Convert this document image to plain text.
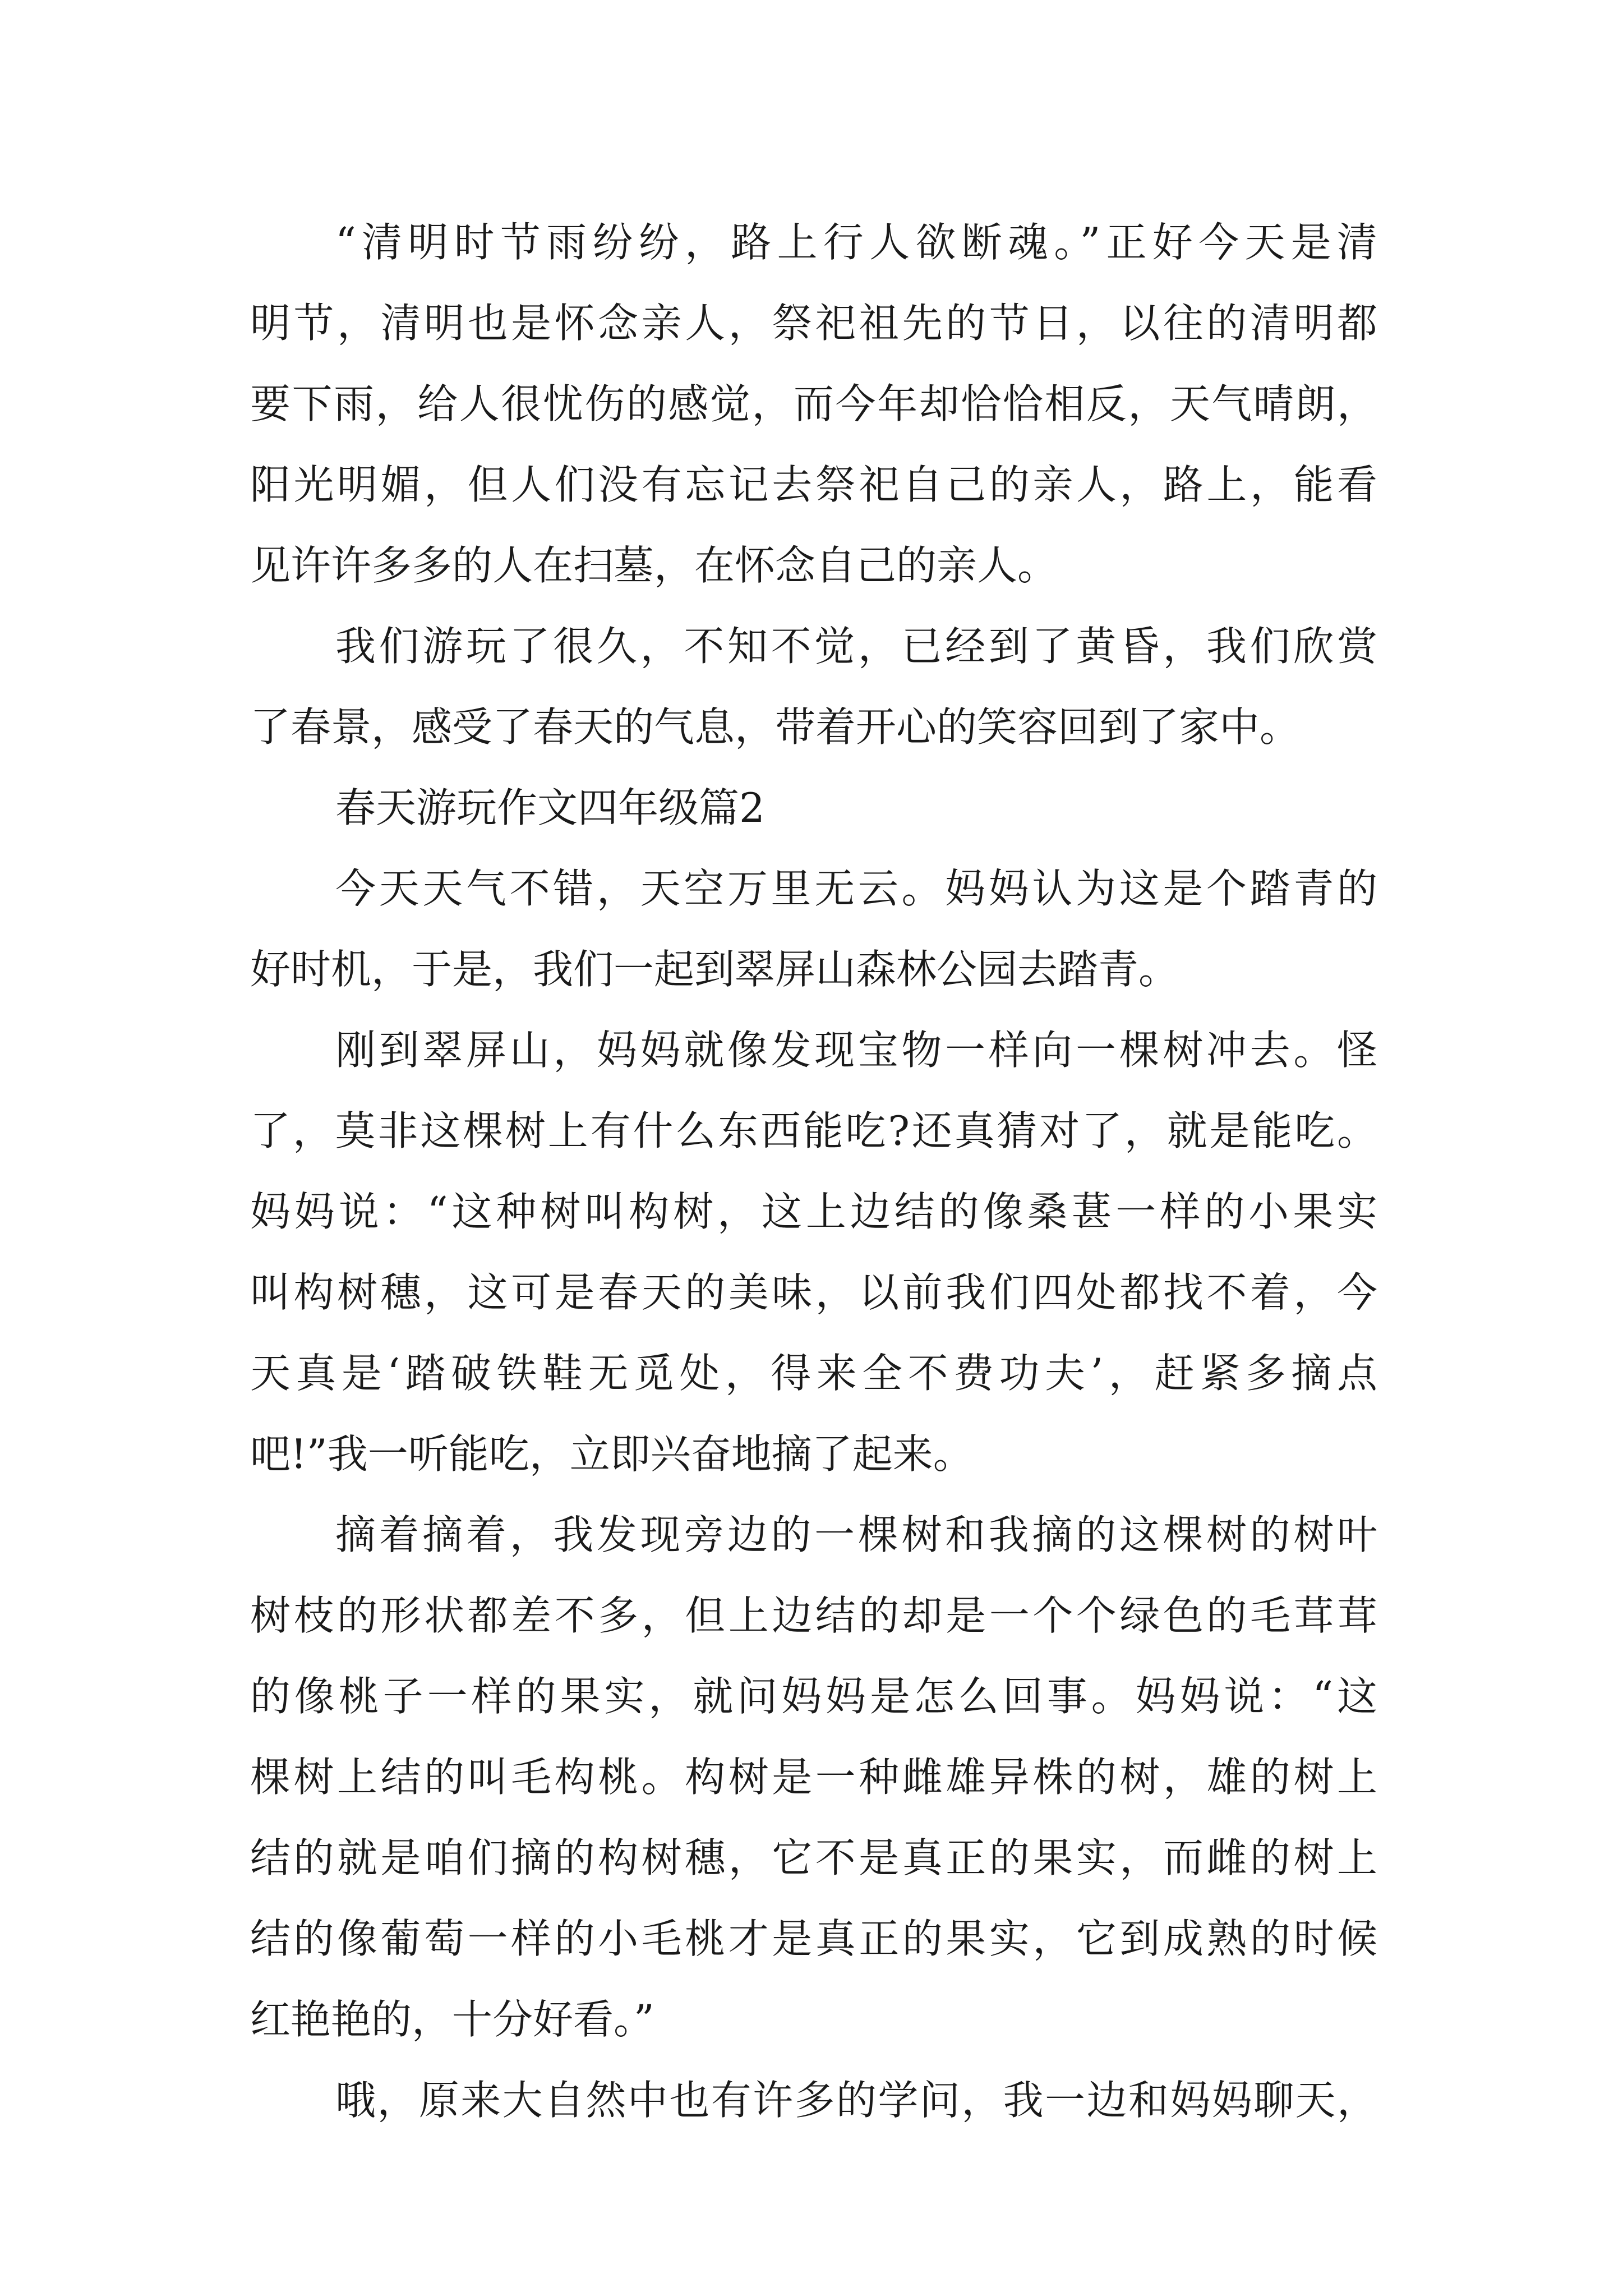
“清明时节雨纷纷，路上行人欲断魂。”正好今天是清
明节，清明也是怀念亲人，祭祀祖先的节日，以往的清明都
要下雨，给人很忧伤的感觉，而今年却恰恰相反，天气晴朗，
阳光明媚，但人们没有忘记去祭祀自己的亲人，路上，能看
见许许多多的人在扫墓，在怀念自己的亲人。
我们游玩了很久，不知不觉，已经到了黄昏，我们欣赏
了春景，感受了春天的气息，带着开心的笑容回到了家中。
春天游玩作文四年级篇2
今天天气不错，天空万里无云。妈妈认为这是个踏青的
好时机，于是，我们一起到翠屏山森林公园去踏青。
刚到翠屏山，妈妈就像发现宝物一样向一棵树冲去。怪
了，莫非这棵树上有什么东西能吃?还真猜对了，就是能吃。
妈妈说：“这种树叫构树，这上边结的像桑葚一样的小果实
叫构树穗，这可是春天的美味，以前我们四处都找不着，今
天真是‘踏破铁鞋无觅处，得来全不费功夫’，赶紧多摘点
吧!”我一听能吃，立即兴奋地摘了起来。
摘着摘着，我发现旁边的一棵树和我摘的这棵树的树叶
树枝的形状都差不多，但上边结的却是一个个绿色的毛茸茸
的像桃子一样的果实，就问妈妈是怎么回事。妈妈说：“这
棵树上结的叫毛构桃。构树是一种雌雄异株的树，雄的树上
结的就是咱们摘的构树穗，它不是真正的果实，而雌的树上
结的像葡萄一样的小毛桃才是真正的果实，它到成熟的时候
红艳艳的，十分好看。”
哦，原来大自然中也有许多的学问，我一边和妈妈聊天，
